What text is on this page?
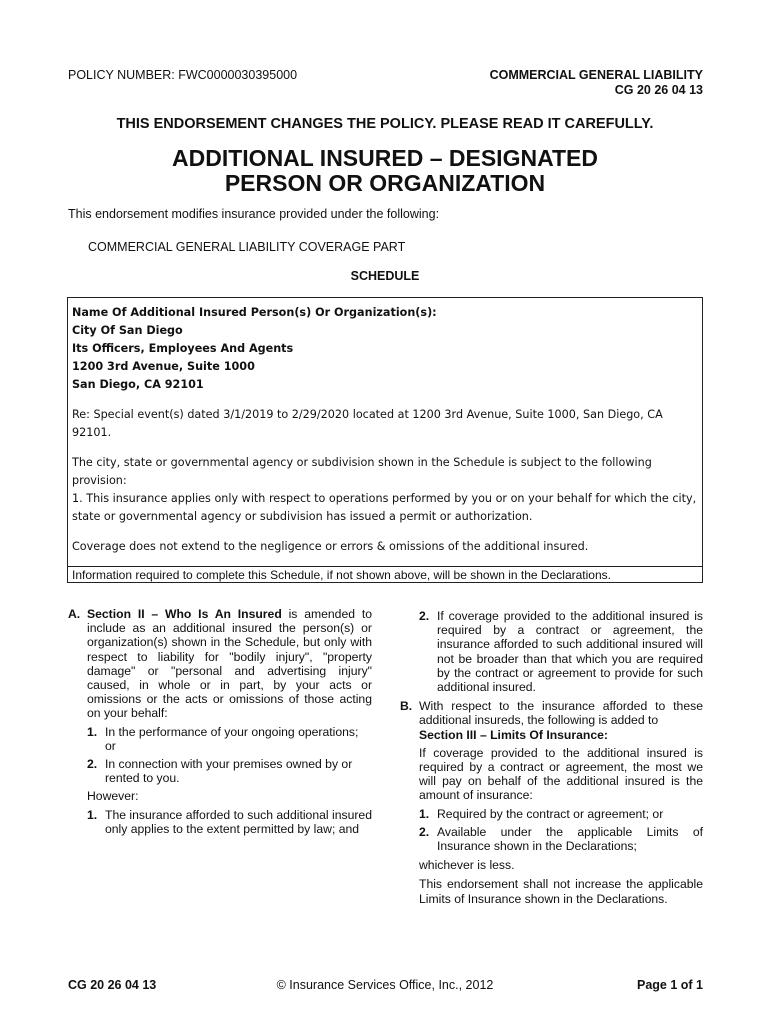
POLICY NUMBER: FWC0000030395000	COMMERCIAL GENERAL LIABILITY
CG 20 26 04 13
THIS ENDORSEMENT CHANGES THE POLICY. PLEASE READ IT CAREFULLY.
ADDITIONAL INSURED – DESIGNATED
PERSON OR ORGANIZATION
This endorsement modifies insurance provided under the following:
COMMERCIAL GENERAL LIABILITY COVERAGE PART
SCHEDULE
Name Of Additional Insured Person(s) Or Organization(s):
City Of San Diego
Its Officers, Employees And Agents
1200 3rd Avenue, Suite 1000
San Diego, CA 92101
Re: Special event(s) dated 3/1/2019 to 2/29/2020 located at 1200 3rd Avenue, Suite 1000, San Diego, CA
92101.
The city, state or governmental agency or subdivision shown in the Schedule is subject to the following
provision:
1. This insurance applies only with respect to operations performed by you or on your behalf for which the city,
state or governmental agency or subdivision has issued a permit or authorization.
Coverage does not extend to the negligence or errors & omissions of the additional insured.
Information required to complete this Schedule, if not shown above, will be shown in the Declarations.
A. Section II – Who Is An Insured is amended to include as an additional insured the person(s) or organization(s) shown in the Schedule, but only with respect to liability for "bodily injury", "property damage" or "personal and advertising injury" caused, in whole or in part, by your acts or omissions or the acts or omissions of those acting on your behalf:
1. In the performance of your ongoing operations; or
2. In connection with your premises owned by or rented to you.
However:
1. The insurance afforded to such additional insured only applies to the extent permitted by law; and
2. If coverage provided to the additional insured is required by a contract or agreement, the insurance afforded to such additional insured will not be broader than that which you are required by the contract or agreement to provide for such additional insured.
B. With respect to the insurance afforded to these additional insureds, the following is added to
Section III – Limits Of Insurance:
If coverage provided to the additional insured is required by a contract or agreement, the most we will pay on behalf of the additional insured is the amount of insurance:
1. Required by the contract or agreement; or
2. Available under the applicable Limits of Insurance shown in the Declarations;
whichever is less.
This endorsement shall not increase the applicable Limits of Insurance shown in the Declarations.
CG 20 26 04 13	© Insurance Services Office, Inc., 2012	Page 1 of 1
